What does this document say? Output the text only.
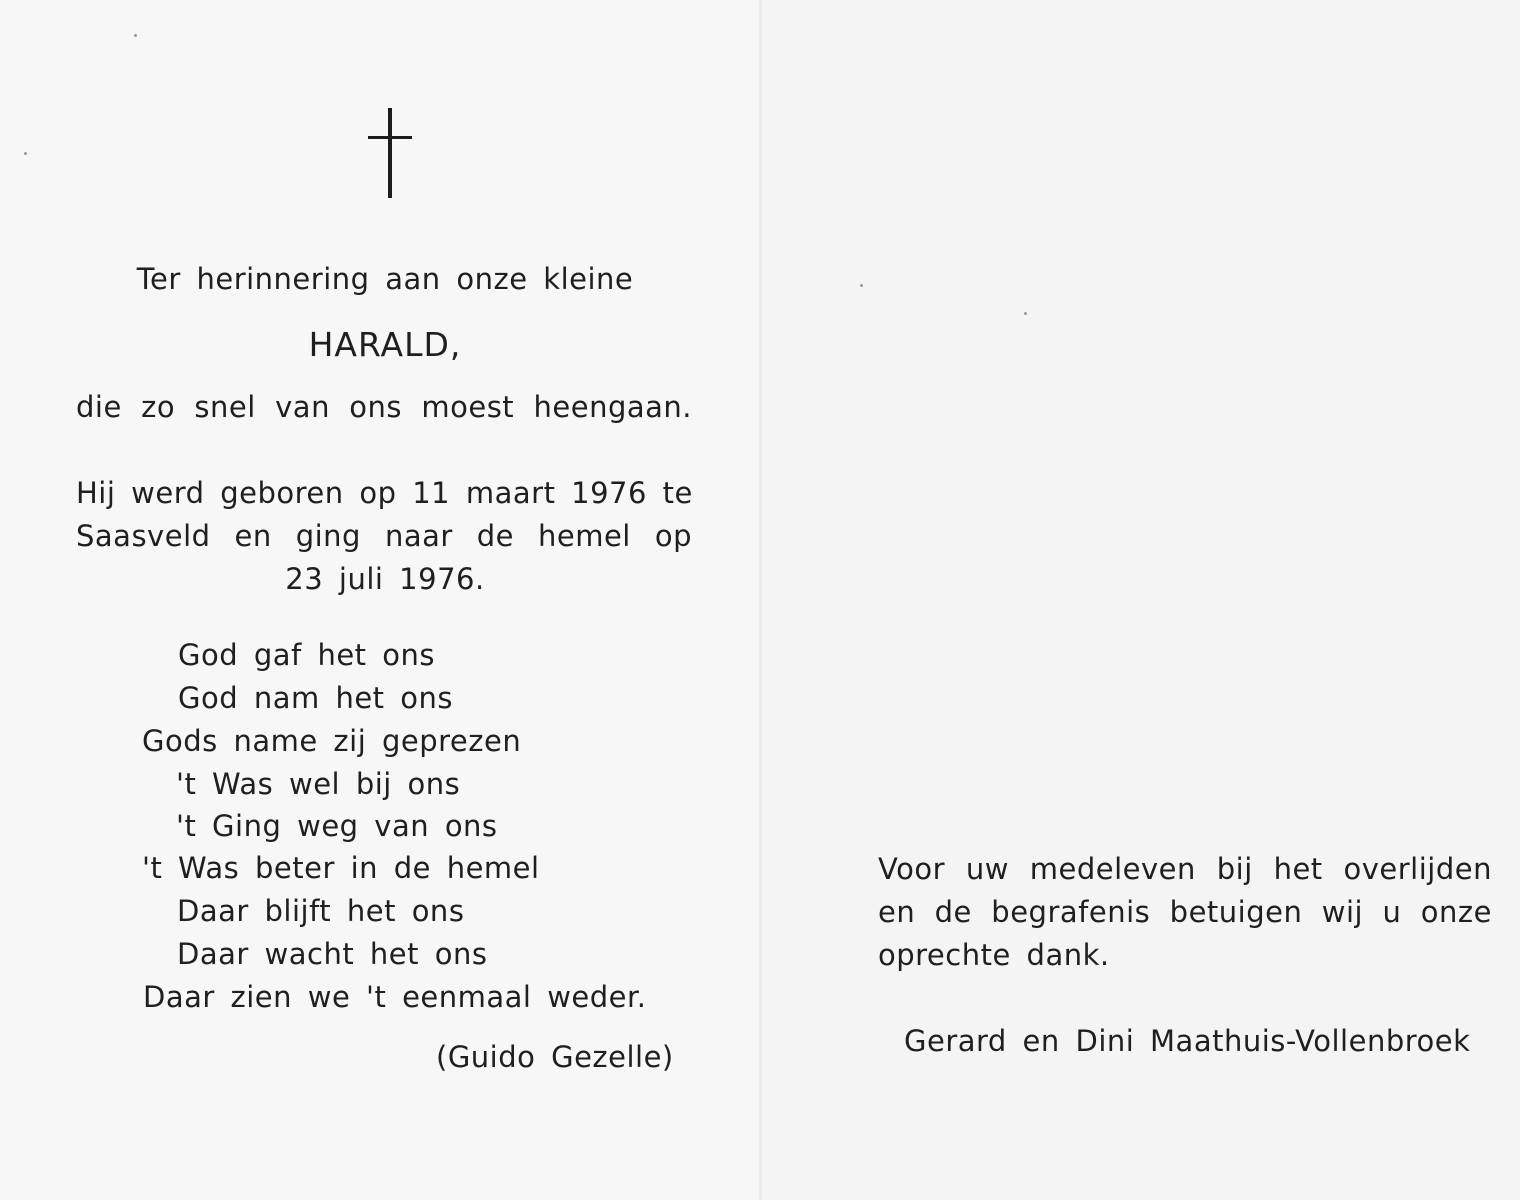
Ter herinnering aan onze kleine
HARALD,
die zo snel van ons moest heengaan.
Hij werd geboren op 11 maart 1976 te
Saasveld en ging naar de hemel op
23 juli 1976.
God gaf het ons
God nam het ons
Gods name zij geprezen
't Was wel bij ons
't Ging weg van ons
't Was beter in de hemel
Daar blijft het ons
Daar wacht het ons
Daar zien we 't eenmaal weder.
(Guido Gezelle)
Voor uw medeleven bij het overlijden
en de begrafenis betuigen wij u onze
oprechte dank.
Gerard en Dini Maathuis-Vollenbroek
